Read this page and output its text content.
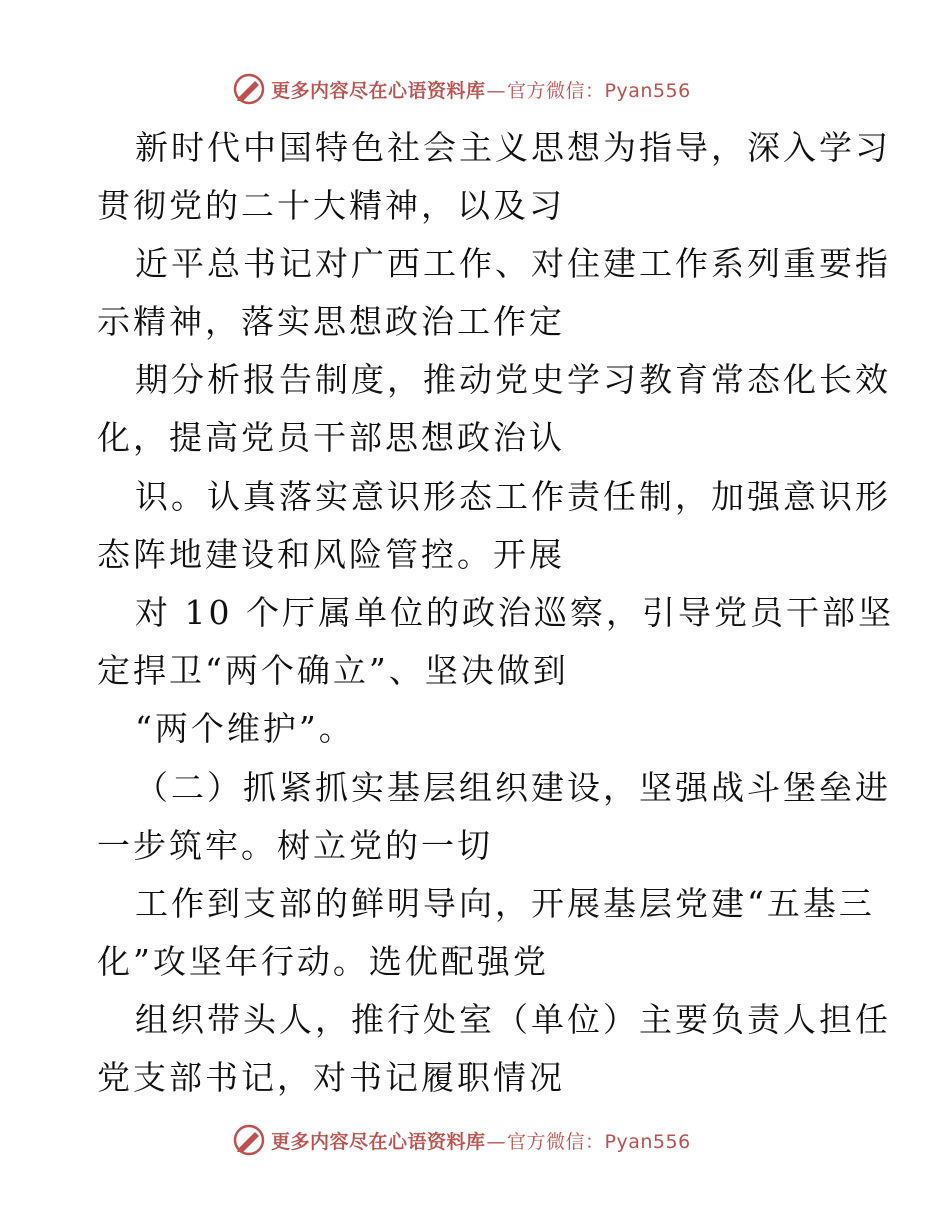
更多内容尽在心语资料库—官方微信：Pyan556
新时代中国特色社会主义思想为指导，深入学习
贯彻党的二十大精神，以及习
近平总书记对广西工作、对住建工作系列重要指
示精神，落实思想政治工作定
期分析报告制度，推动党史学习教育常态化长效
化，提高党员干部思想政治认
识。认真落实意识形态工作责任制，加强意识形
态阵地建设和风险管控。开展
对 10 个厅属单位的政治巡察，引导党员干部坚
定捍卫“两个确立”、坚决做到
“两个维护”。
（二）抓紧抓实基层组织建设，坚强战斗堡垒进
一步筑牢。树立党的一切
工作到支部的鲜明导向，开展基层党建“五基三
化”攻坚年行动。选优配强党
组织带头人，推行处室（单位）主要负责人担任
党支部书记，对书记履职情况
更多内容尽在心语资料库—官方微信：Pyan556
